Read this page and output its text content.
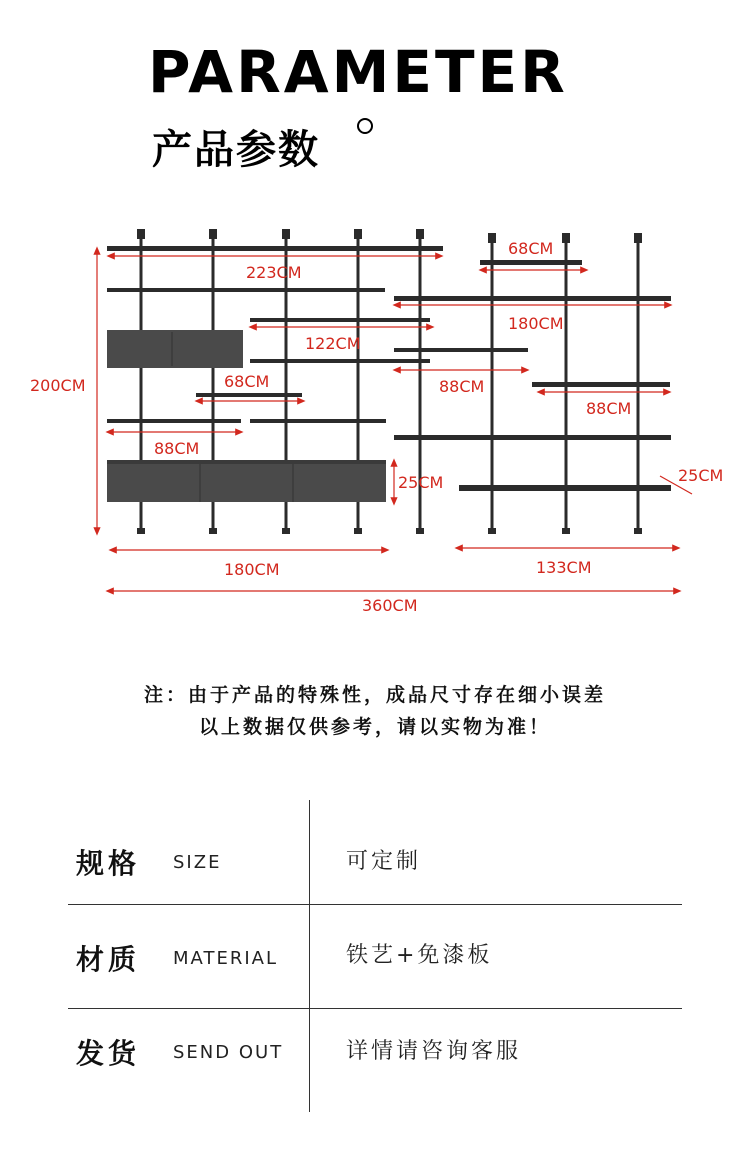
PARAMETER
产品参数
223CM
68CM
180CM
122CM
200CM	68CM	88CM
88CM
88CM
25CM	25CM
180CM	133CM
360CM
注：由于产品的特殊性，成品尺寸存在细小误差
以上数据仅供参考，请以实物为准！
规格 SIZE	可定制
材质 MATERIAL	铁艺+免漆板
发货 SEND OUT	详情请咨询客服
